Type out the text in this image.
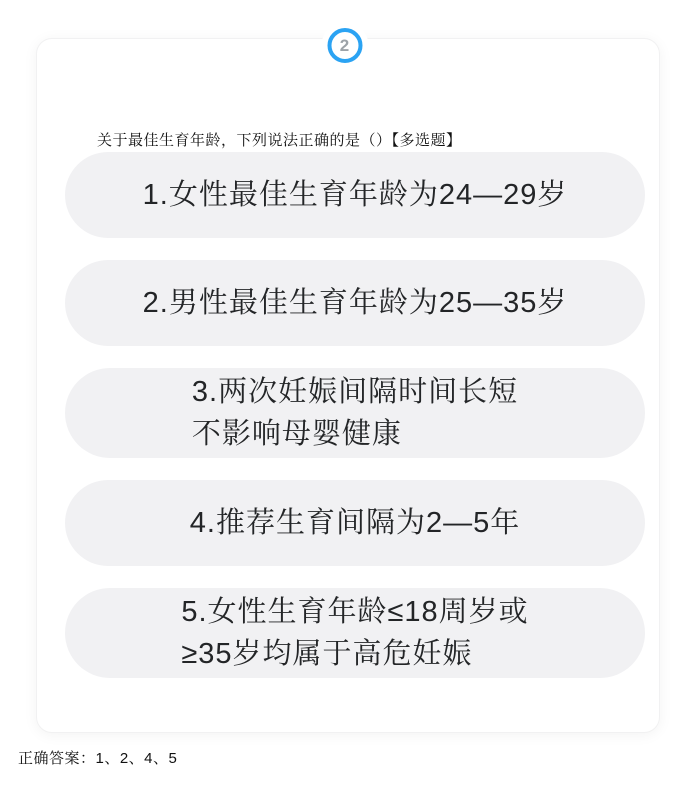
2
关于最佳生育年龄，下列说法正确的是（）【多选题】
1.女性最佳生育年龄为24—29岁
2.男性最佳生育年龄为25—35岁
3.两次妊娠间隔时间长短
不影响母婴健康
4.推荐生育间隔为2—5年
5.女性生育年龄≤18周岁或
≥35岁均属于高危妊娠
正确答案：1、2、4、5
